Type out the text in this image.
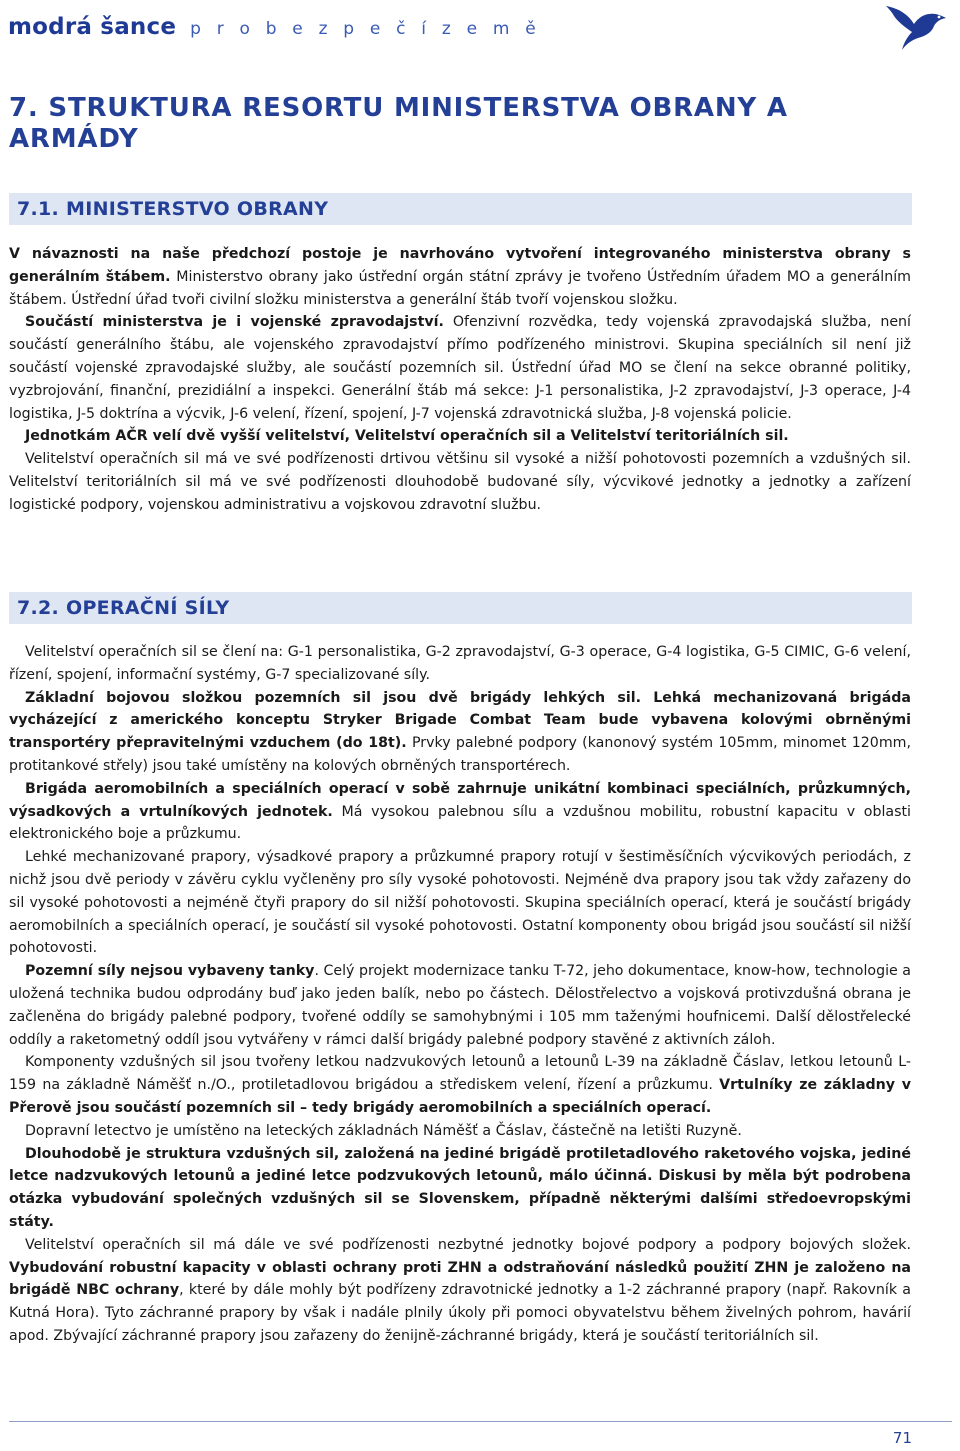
modrá šance p r o b e z p e č í z e m ě
7. STRUKTURA RESORTU MINISTERSTVA OBRANY A ARMÁDY
7.1. MINISTERSTVO OBRANY

V návaznosti na naše předchozí postoje je navrhováno vytvoření integrovaného ministerstva obrany s generálním štábem. Ministerstvo obrany jako ústřední orgán státní zprávy je tvořeno Ústředním úřadem MO a generálním štábem. Ústřední úřad tvoři civilní složku ministerstva a generální štáb tvoří vojenskou složku.

Součástí ministerstva je i vojenské zpravodajství. Ofenzivní rozvědka, tedy vojenská zpravodajská služba, není součástí generálního štábu, ale vojenského zpravodajství přímo podřízeného ministrovi. Skupina speciálních sil není již součástí vojenské zpravodajské služby, ale součástí pozemních sil. Ústřední úřad MO se člení na sekce obranné politiky, vyzbrojování, finanční, prezidiální a inspekci. Generální štáb má sekce: J-1 personalistika, J-2 zpravodajství, J-3 operace, J-4 logistika, J-5 doktrína a výcvik, J-6 velení, řízení, spojení, J-7 vojenská zdravotnická služba, J-8 vojenská policie.

Jednotkám AČR velí dvě vyšší velitelství, Velitelství operačních sil a Velitelství teritoriálních sil.

Velitelství operačních sil má ve své podřízenosti drtivou většinu sil vysoké a nižší pohotovosti pozemních a vzdušných sil. Velitelství teritoriálních sil má ve své podřízenosti dlouhodobě budované síly, výcvikové jednotky a jednotky a zařízení logistické podpory, vojenskou administrativu a vojskovou zdravotní službu.

7.2. OPERAČNÍ SÍLY

Velitelství operačních sil se člení na: G-1 personalistika, G-2 zpravodajství, G-3 operace, G-4 logistika, G-5 CIMIC, G-6 velení, řízení, spojení, informační systémy, G-7 specializované síly.

Základní bojovou složkou pozemních sil jsou dvě brigády lehkých sil. Lehká mechanizovaná brigáda vycházející z amerického konceptu Stryker Brigade Combat Team bude vybavena kolovými obrněnými transportéry přepravitelnými vzduchem (do 18t). Prvky palebné podpory (kanonový systém 105mm, minomet 120mm, protitankové střely) jsou také umístěny na kolových obrněných transportérech.

Brigáda aeromobilních a speciálních operací v sobě zahrnuje unikátní kombinaci speciálních, průzkumných, výsadkových a vrtulníkových jednotek. Má vysokou palebnou sílu a vzdušnou mobilitu, robustní kapacitu v oblasti elektronického boje a průzkumu.

Lehké mechanizované prapory, výsadkové prapory a průzkumné prapory rotují v šestiměsíčních výcvikových periodách, z nichž jsou dvě periody v závěru cyklu vyčleněny pro síly vysoké pohotovosti. Nejméně dva prapory jsou tak vždy zařazeny do sil vysoké pohotovosti a nejméně čtyři prapory do sil nižší pohotovosti. Skupina speciálních operací, která je součástí brigády aeromobilních a speciálních operací, je součástí sil vysoké pohotovosti. Ostatní komponenty obou brigád jsou součástí sil nižší pohotovosti.

Pozemní síly nejsou vybaveny tanky. Celý projekt modernizace tanku T-72, jeho dokumentace, know-how, technologie a uložená technika budou odprodány buď jako jeden balík, nebo po částech. Dělostřelectvo a vojsková protivzdušná obrana je začleněna do brigády palebné podpory, tvořené oddíly se samohybnými i 105 mm taženými houfnicemi. Další dělostřelecké oddíly a raketometný oddíl jsou vytvářeny v rámci další brigády palebné podpory stavěné z aktivních záloh.

Komponenty vzdušných sil jsou tvořeny letkou nadzvukových letounů a letounů L-39 na základně Čáslav, letkou letounů L-159 na základně Náměšť n./O., protiletadlovou brigádou a střediskem velení, řízení a průzkumu. Vrtulníky ze základny v Přerově jsou součástí pozemních sil – tedy brigády aeromobilních a speciálních operací.

Dopravní letectvo je umístěno na leteckých základnách Náměšť a Čáslav, částečně na letišti Ruzyně.

Dlouhodobě je struktura vzdušných sil, založená na jediné brigádě protiletadlového raketového vojska, jediné letce nadzvukových letounů a jediné letce podzvukových letounů, málo účinná. Diskusi by měla být podrobena otázka vybudování společných vzdušných sil se Slovenskem, případně některými dalšími středoevropskými státy.

Velitelství operačních sil má dále ve své podřízenosti nezbytné jednotky bojové podpory a podpory bojových složek. Vybudování robustní kapacity v oblasti ochrany proti ZHN a odstraňování následků použití ZHN je založeno na brigádě NBC ochrany, které by dále mohly být podřízeny zdravotnické jednotky a 1-2 záchranné prapory (např. Rakovník a Kutná Hora). Tyto záchranné prapory by však i nadále plnily úkoly při pomoci obyvatelstvu během živelných pohrom, havárií apod. Zbývající záchranné prapory jsou zařazeny do ženijně-záchranné brigády, která je součástí teritoriálních sil.

71
